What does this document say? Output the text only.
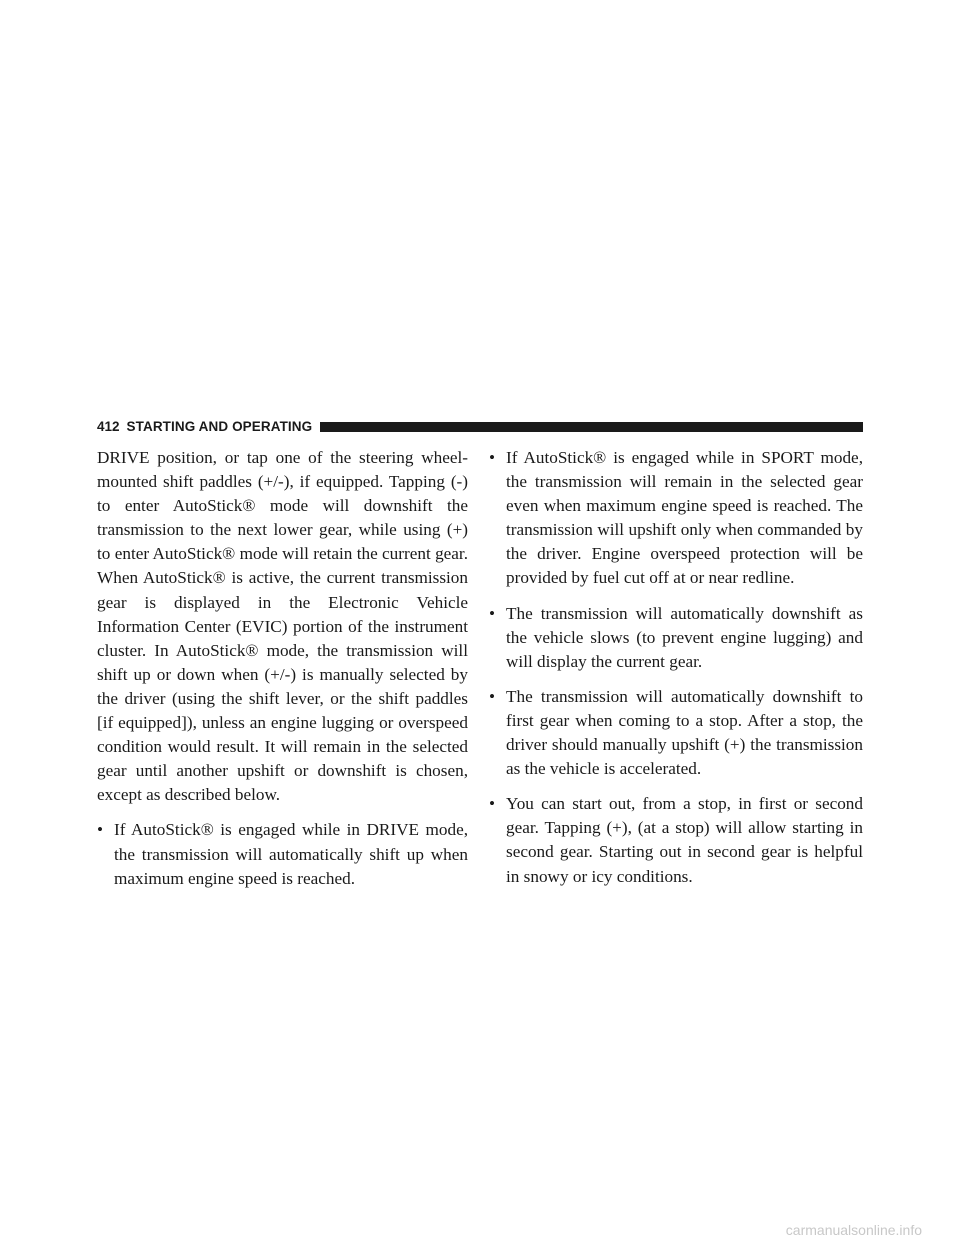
412 STARTING AND OPERATING

DRIVE position, or tap one of the steering wheel-mounted shift paddles (+/-), if equipped. Tapping (-) to enter AutoStick® mode will downshift the transmission to the next lower gear, while using (+) to enter AutoStick® mode will retain the current gear. When AutoStick® is active, the current transmission gear is displayed in the Electronic Vehicle Information Center (EVIC) portion of the instrument cluster. In AutoStick® mode, the transmission will shift up or down when (+/-) is manually selected by the driver (using the shift lever, or the shift paddles [if equipped]), unless an engine lugging or overspeed condition would result. It will remain in the selected gear until another upshift or downshift is chosen, except as described below.

• If AutoStick® is engaged while in DRIVE mode, the transmission will automatically shift up when maximum engine speed is reached.
• If AutoStick® is engaged while in SPORT mode, the transmission will remain in the selected gear even when maximum engine speed is reached. The transmission will upshift only when commanded by the driver. Engine overspeed protection will be provided by fuel cut off at or near redline.
• The transmission will automatically downshift as the vehicle slows (to prevent engine lugging) and will display the current gear.
• The transmission will automatically downshift to first gear when coming to a stop. After a stop, the driver should manually upshift (+) the transmission as the vehicle is accelerated.
• You can start out, from a stop, in first or second gear. Tapping (+), (at a stop) will allow starting in second gear. Starting out in second gear is helpful in snowy or icy conditions.
carmanualsonline.info
